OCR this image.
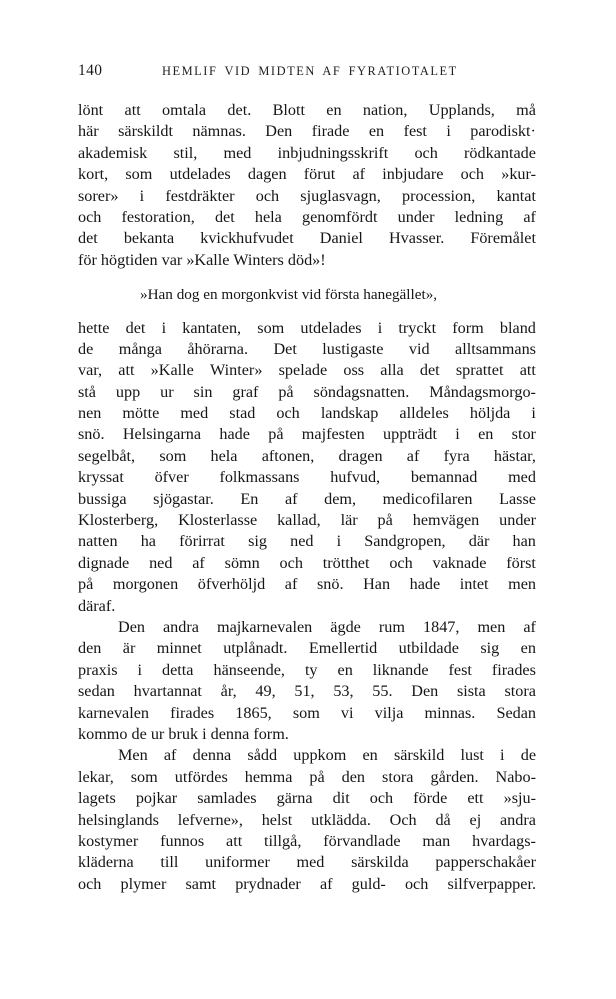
140	HEMLIF VID MIDTEN AF FYRATIOTALET
lönt att omtala det. Blott en nation, Upplands, må
här särskildt nämnas. Den firade en fest i parodiskt·
akademisk stil, med inbjudningsskrift och rödkantade
kort, som utdelades dagen förut af inbjudare och »kur-
sorer» i festdräkter och sjuglasvagn, procession, kantat
och festoration, det hela genomfördt under ledning af
det bekanta kvickhufvudet Daniel Hvasser. Föremålet
för högtiden var »Kalle Winters död»!
»Han dog en morgonkvist vid första hanegället»,
hette det i kantaten, som utdelades i tryckt form bland
de många åhörarna. Det lustigaste vid alltsammans
var, att »Kalle Winter» spelade oss alla det sprattet att
stå upp ur sin graf på söndagsnatten. Måndagsmorgo-
nen mötte med stad och landskap alldeles höljda i
snö. Helsingarna hade på majfesten uppträdt i en stor
segelbåt, som hela aftonen, dragen af fyra hästar,
kryssat öfver folkmassans hufvud, bemannad med
bussiga sjögastar. En af dem, medicofilaren Lasse
Klosterberg, Klosterlasse kallad, lär på hemvägen under
natten ha förirrat sig ned i Sandgropen, där han
dignade ned af sömn och trötthet och vaknade först
på morgonen öfverhöljd af snö. Han hade intet men
däraf.
Den andra majkarnevalen ägde rum 1847, men af
den är minnet utplånadt. Emellertid utbildade sig en
praxis i detta hänseende, ty en liknande fest firades
sedan hvartannat år, 49, 51, 53, 55. Den sista stora
karnevalen firades 1865, som vi vilja minnas. Sedan
kommo de ur bruk i denna form.
Men af denna sådd uppkom en särskild lust i de
lekar, som utfördes hemma på den stora gården. Nabo-
lagets pojkar samlades gärna dit och förde ett »sju-
helsinglands lefverne», helst utklädda. Och då ej andra
kostymer funnos att tillgå, förvandlade man hvardags-
kläderna till uniformer med särskilda papperschakåer
och plymer samt prydnader af guld- och silfverpapper.
